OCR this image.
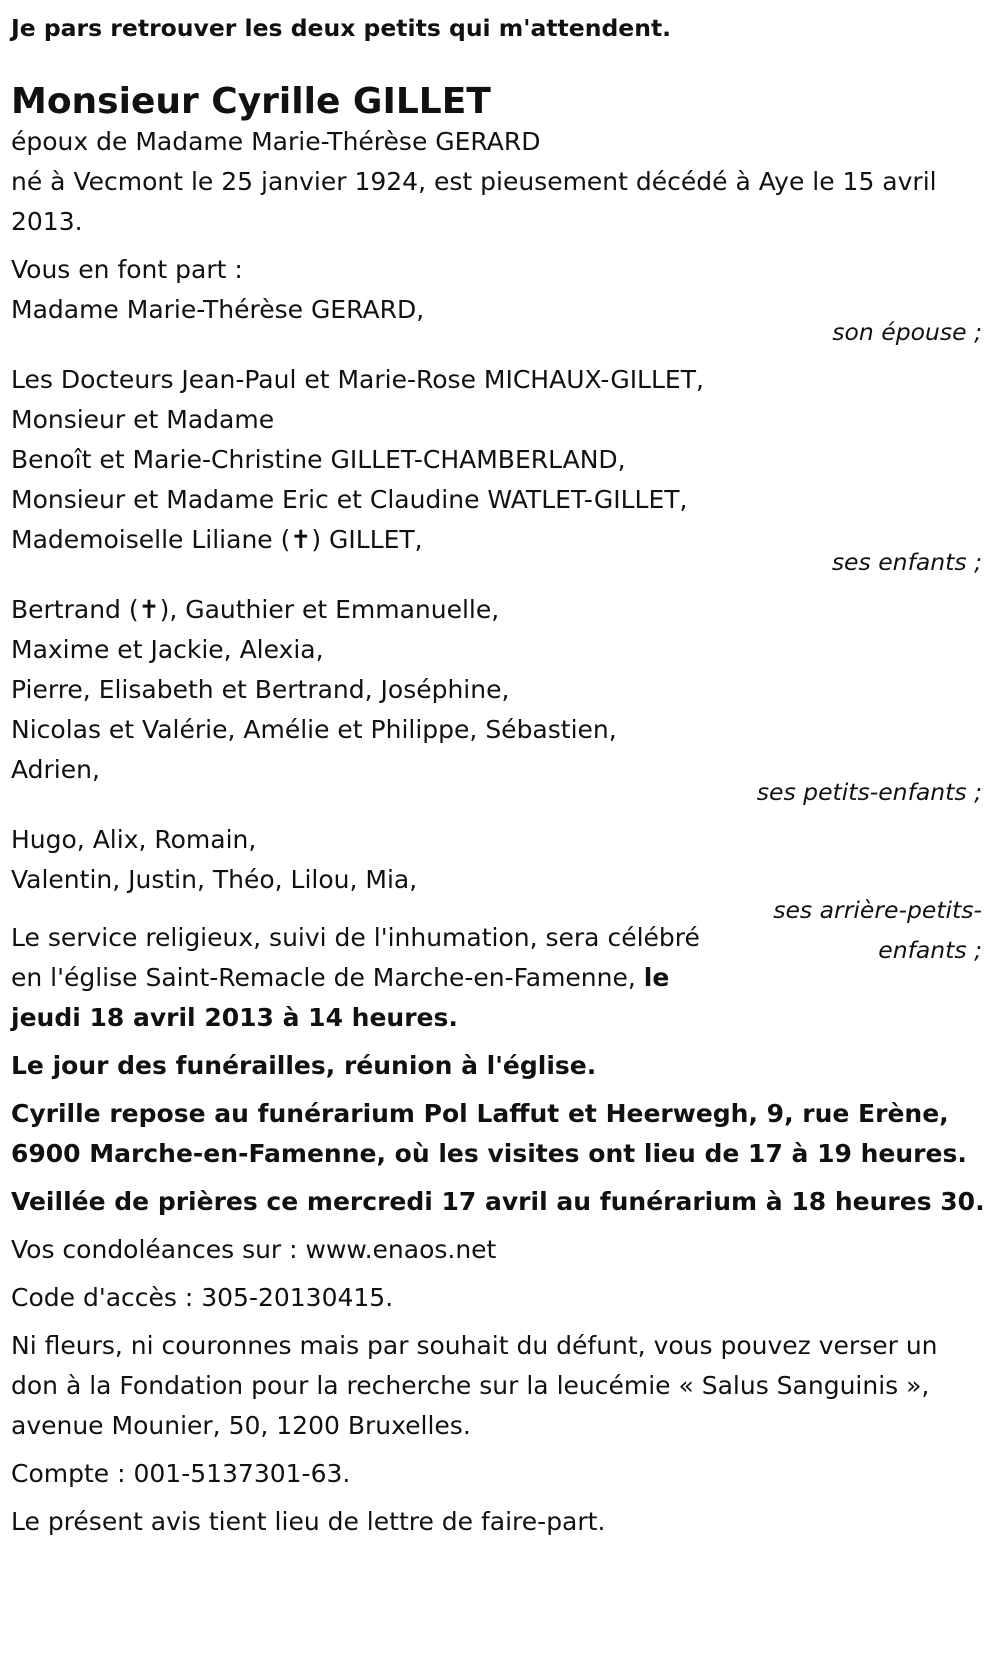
Je pars retrouver les deux petits qui m'attendent.

Monsieur Cyrille GILLET

époux de Madame Marie-Thérèse GERARD

né à Vecmont le 25 janvier 1924, est pieusement décédé à Aye le 15 avril 2013.

Vous en font part :

Madame Marie-Thérèse GERARD,

son épouse ;

Les Docteurs Jean-Paul et Marie-Rose MICHAUX-GILLET,
Monsieur et Madame
Benoît et Marie-Christine GILLET-CHAMBERLAND,
Monsieur et Madame Eric et Claudine WATLET-GILLET,
Mademoiselle Liliane (✝) GILLET,

ses enfants ;

Bertrand (✝), Gauthier et Emmanuelle,
Maxime et Jackie, Alexia,
Pierre, Elisabeth et Bertrand, Joséphine,
Nicolas et Valérie, Amélie et Philippe, Sébastien,
Adrien,

ses petits-enfants ;

Hugo, Alix, Romain,
Valentin, Justin, Théo, Lilou, Mia,
ses arrière-petits-
enfants ;

Le service religieux, suivi de l'inhumation, sera célébré
en l'église Saint-Remacle de Marche-en-Famenne, le jeudi 18 avril 2013 à 14 heures.

Le jour des funérailles, réunion à l'église.

Cyrille repose au funérarium Pol Laffut et Heerwegh, 9, rue Erène, 6900 Marche-en-Famenne, où les visites ont lieu de 17 à 19 heures.

Veillée de prières ce mercredi 17 avril au funérarium à 18 heures 30.

Vos condoléances sur : www.enaos.net

Code d'accès : 305-20130415.

Ni fleurs, ni couronnes mais par souhait du défunt, vous pouvez verser un don à la Fondation pour la recherche sur la leucémie « Salus Sanguinis », avenue Mounier, 50, 1200 Bruxelles.

Compte : 001-5137301-63.

Le présent avis tient lieu de lettre de faire-part.
